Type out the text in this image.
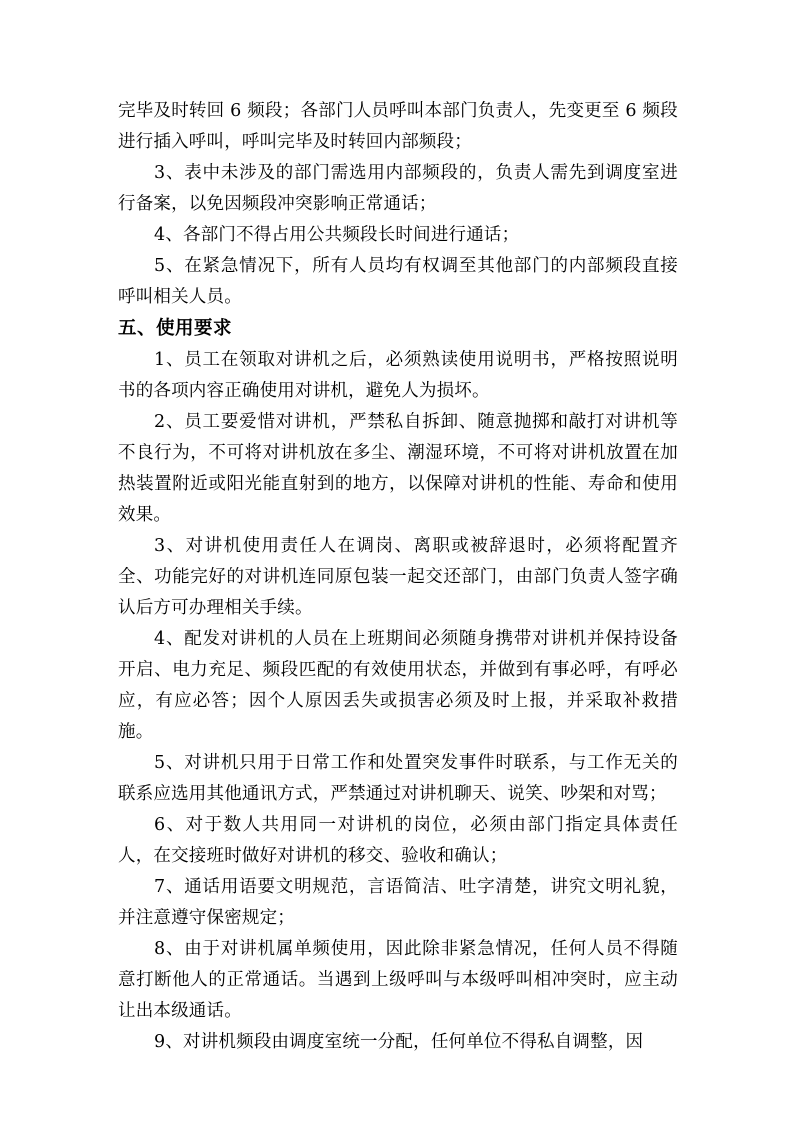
完毕及时转回 6 频段；各部门人员呼叫本部门负责人，先变更至 6 频段进行插入呼叫，呼叫完毕及时转回内部频段；

3、表中未涉及的部门需选用内部频段的，负责人需先到调度室进行备案，以免因频段冲突影响正常通话；

4、各部门不得占用公共频段长时间进行通话；

5、在紧急情况下，所有人员均有权调至其他部门的内部频段直接呼叫相关人员。

五、使用要求

1、员工在领取对讲机之后，必须熟读使用说明书，严格按照说明书的各项内容正确使用对讲机，避免人为损坏。

2、员工要爱惜对讲机，严禁私自拆卸、随意抛掷和敲打对讲机等不良行为，不可将对讲机放在多尘、潮湿环境，不可将对讲机放置在加热装置附近或阳光能直射到的地方，以保障对讲机的性能、寿命和使用效果。

3、对讲机使用责任人在调岗、离职或被辞退时，必须将配置齐全、功能完好的对讲机连同原包装一起交还部门，由部门负责人签字确认后方可办理相关手续。

4、配发对讲机的人员在上班期间必须随身携带对讲机并保持设备开启、电力充足、频段匹配的有效使用状态，并做到有事必呼，有呼必应，有应必答；因个人原因丢失或损害必须及时上报，并采取补救措施。

5、对讲机只用于日常工作和处置突发事件时联系，与工作无关的联系应选用其他通讯方式，严禁通过对讲机聊天、说笑、吵架和对骂；

6、对于数人共用同一对讲机的岗位，必须由部门指定具体责任人，在交接班时做好对讲机的移交、验收和确认；

7、通话用语要文明规范，言语简洁、吐字清楚，讲究文明礼貌，并注意遵守保密规定；

8、由于对讲机属单频使用，因此除非紧急情况，任何人员不得随意打断他人的正常通话。当遇到上级呼叫与本级呼叫相冲突时，应主动让出本级通话。

9、对讲机频段由调度室统一分配，任何单位不得私自调整，因
